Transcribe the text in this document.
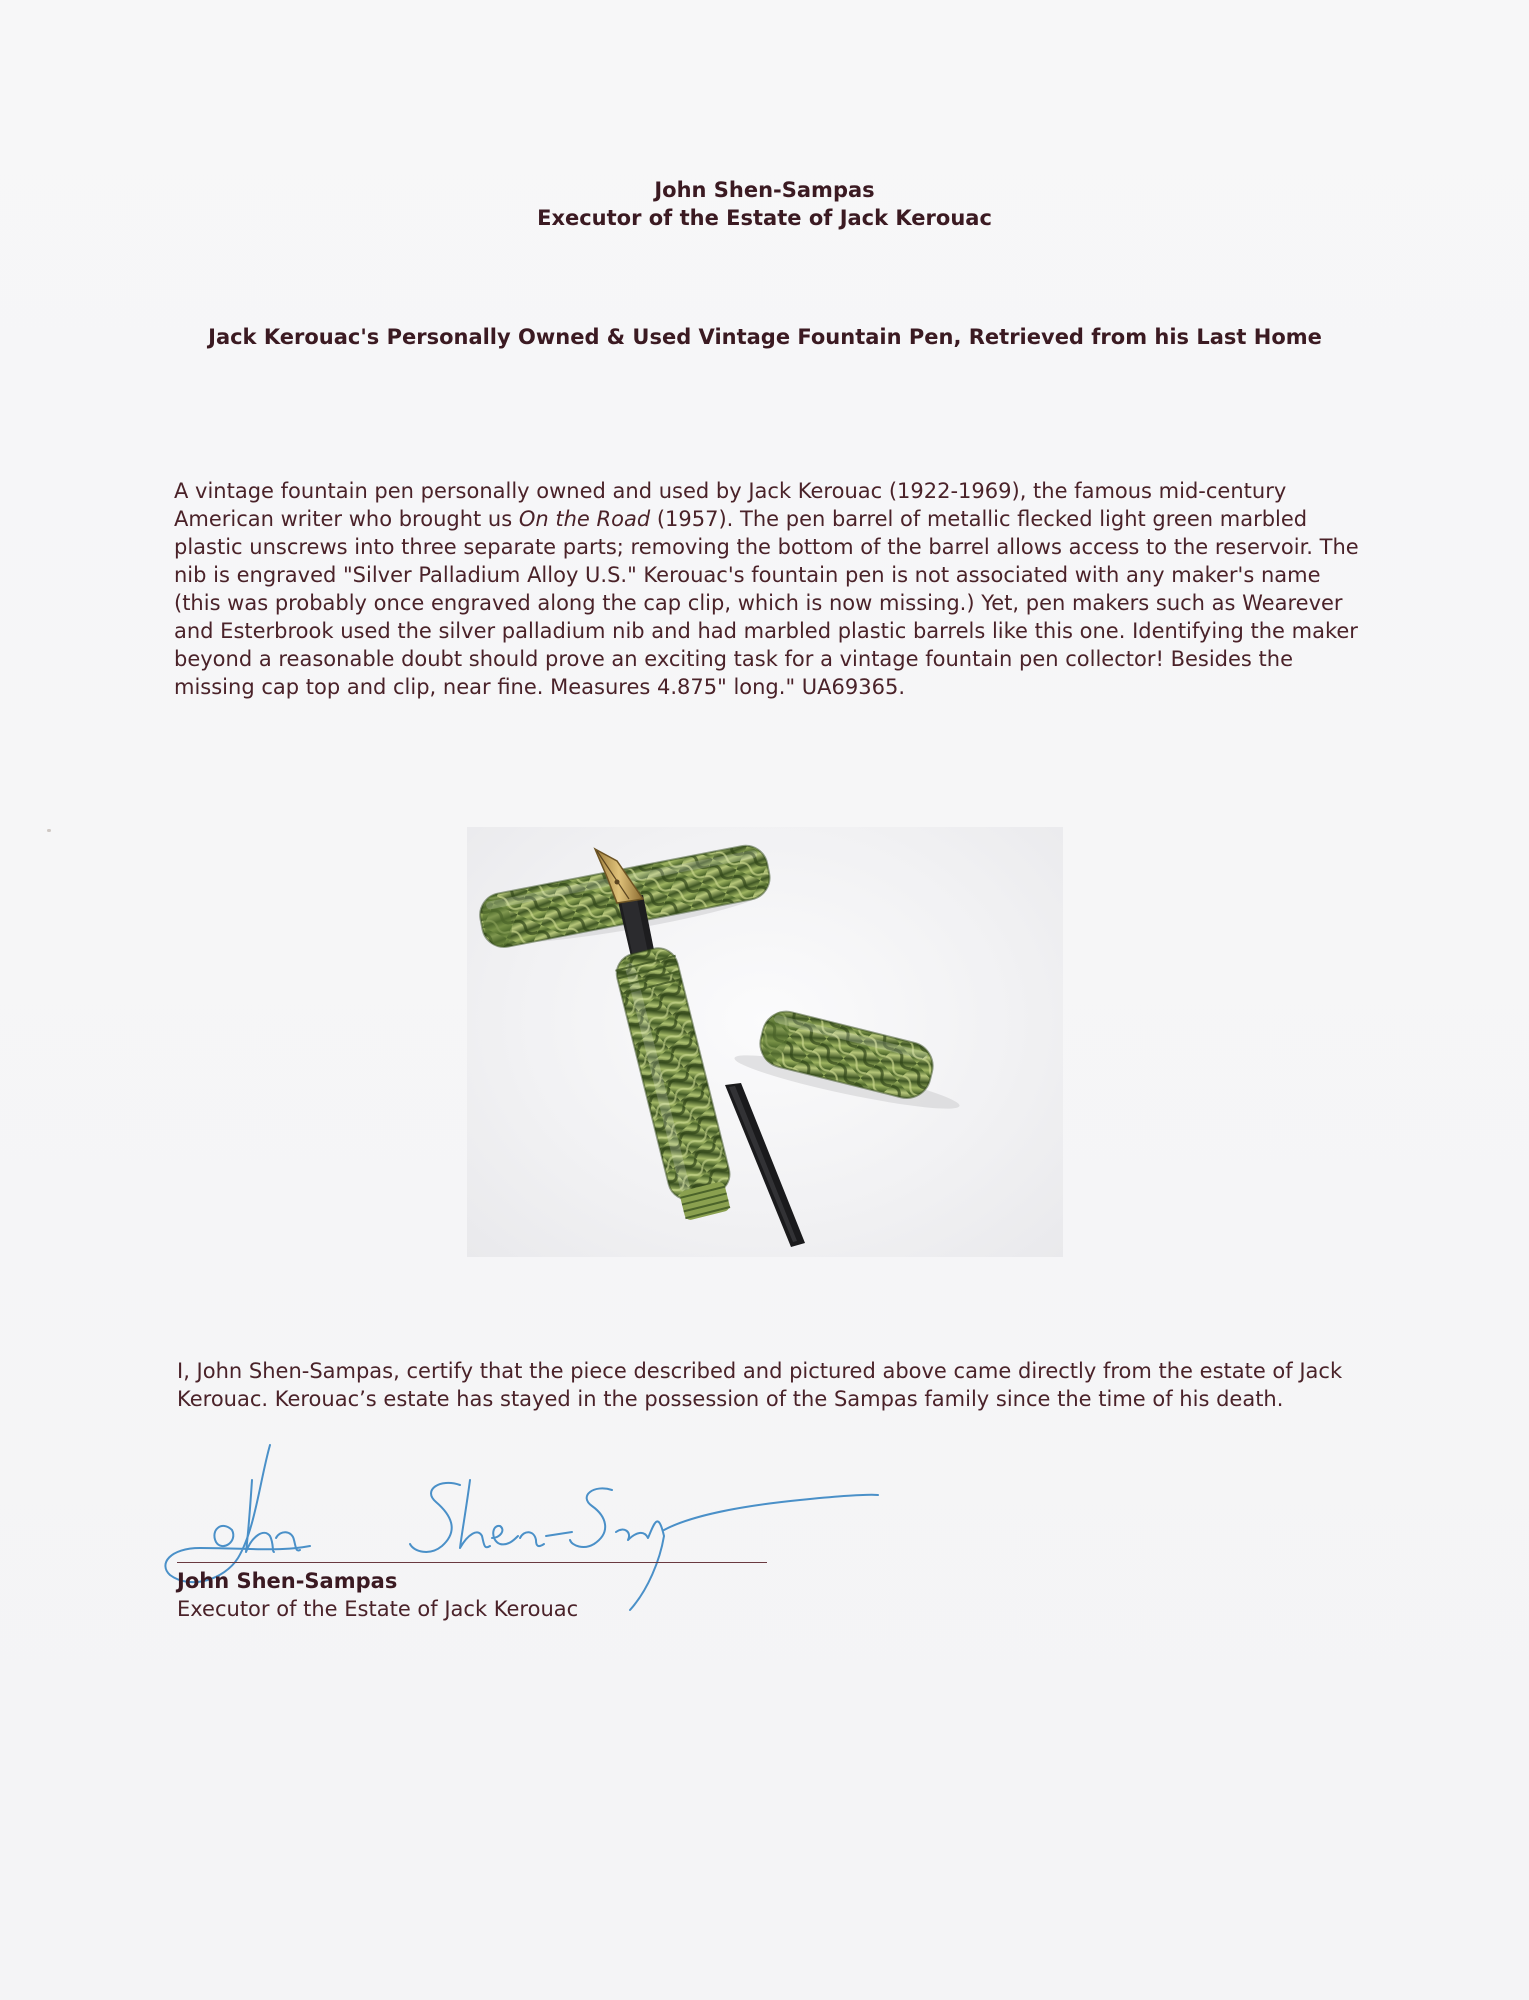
John Shen-Sampas
Executor of the Estate of Jack Kerouac
Jack Kerouac's Personally Owned & Used Vintage Fountain Pen, Retrieved from his Last Home
A vintage fountain pen personally owned and used by Jack Kerouac (1922-1969), the famous mid-century American writer who brought us On the Road (1957). The pen barrel of metallic flecked light green marbled plastic unscrews into three separate parts; removing the bottom of the barrel allows access to the reservoir. The nib is engraved "Silver Palladium Alloy U.S." Kerouac's fountain pen is not associated with any maker's name (this was probably once engraved along the cap clip, which is now missing.) Yet, pen makers such as Wearever and Esterbrook used the silver palladium nib and had marbled plastic barrels like this one. Identifying the maker beyond a reasonable doubt should prove an exciting task for a vintage fountain pen collector! Besides the missing cap top and clip, near fine. Measures 4.875" long." UA69365.
I, John Shen-Sampas, certify that the piece described and pictured above came directly from the estate of Jack Kerouac. Kerouac’s estate has stayed in the possession of the Sampas family since the time of his death.
John Shen-Sampas
Executor of the Estate of Jack Kerouac
